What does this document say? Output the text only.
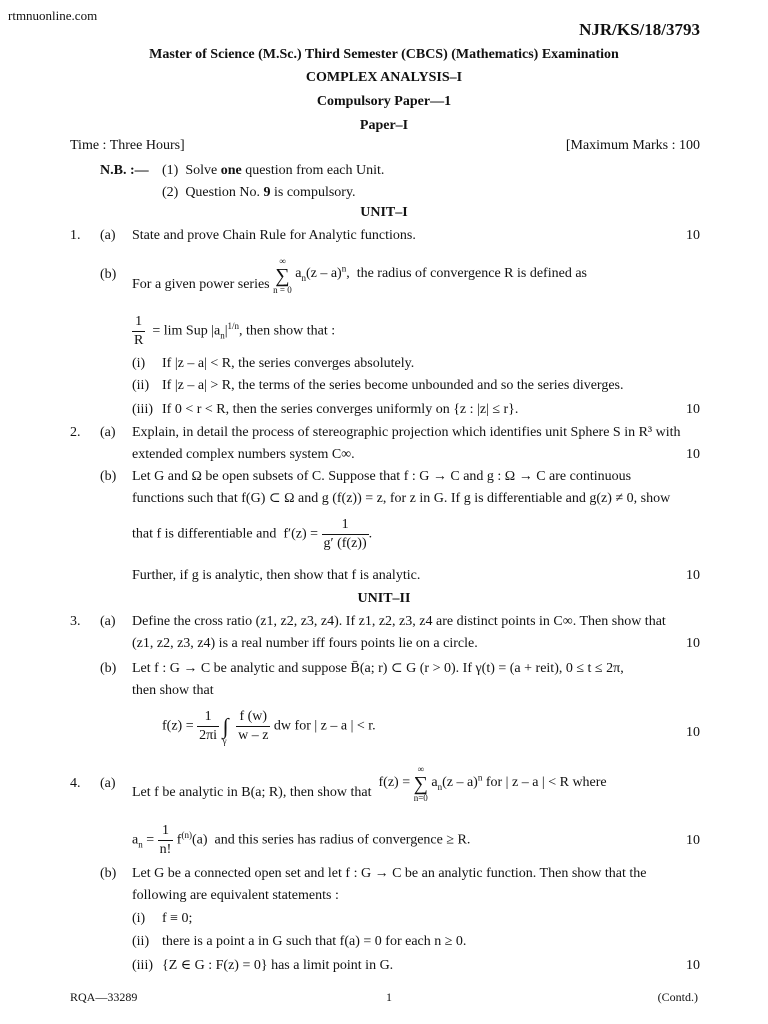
rtmnuonline.com
NJR/KS/18/3793
Master of Science (M.Sc.) Third Semester (CBCS) (Mathematics) Examination
COMPLEX ANALYSIS–I
Compulsory Paper—1
Paper–I
Time : Three Hours]	[Maximum Marks : 100
N.B. :— (1)  Solve one question from each Unit.
(2)  Question No. 9 is compulsory.
UNIT–I
1. (a) State and prove Chain Rule for Analytic functions.	10
(b)
For a given power series ∞
∑
n = 0 $a_n(z - a)^n$, the radius of convergence R is defined as
$\frac{1}{R} = \lim$ Sup $|a_n|^{1/n}$, then show that :
(i) If |z – a| < R, the series converges absolutely.
(ii) If |z – a| > R, the terms of the series become unbounded and so the series diverges.
(iii) If 0 < r < R, then the series converges uniformly on {z : |z| ≤ r}.	10
2. (a) Explain, in detail the process of stereographic projection which identifies unit Sphere S in R³ with
extended complex numbers system C∞.	10
(b) Let G and Ω be open subsets of C. Suppose that f : G → C and g : Ω → C are continuous
functions such that f(G) ⊂ Ω and g (f(z)) = z, for z in G. If g is differentiable and g(z) ≠ 0, show
that f is differentiable and  $f'(z) = \frac{1}{g' (f(z))}$ .
Further, if g is analytic, then show that f is analytic.	10
UNIT–II
3. (a) Define the cross ratio (z1, z2, z3, z4). If z1, z2, z3, z4 are distinct points in C∞. Then show that
(z1, z2, z3, z4) is a real number iff fours points lie on a circle.	10
(b) Let f : G → C be analytic and suppose B̄(a; r) ⊂ G (r > 0). If γ(t) = (a + reit), 0 ≤ t ≤ 2π,
then show that
$f(z) = \frac{1}{2\pi i} \int_\gamma \frac{f (w)}{w - z}$ dw for | z – a | < r.	10
4. (a)
Let f be analytic in B(a; R), then show that  f(z) = ∞
∑
n=0 $a_n(z - a)^n$ for | z – a | < R where
$a_n = \frac{1}{n!} f^{(n)}(a)$  and this series has radius of convergence ≥ R.	10
(b) Let G be a connected open set and let f : G → C be an analytic function. Then show that the
following are equivalent statements :
(i) f ≡ 0;
(ii) there is a point a in G such that f(a) = 0 for each n ≥ 0.
(iii) {Z ∈ G : F(z) = 0} has a limit point in G.	10
RQA—33289	1	(Contd.)
